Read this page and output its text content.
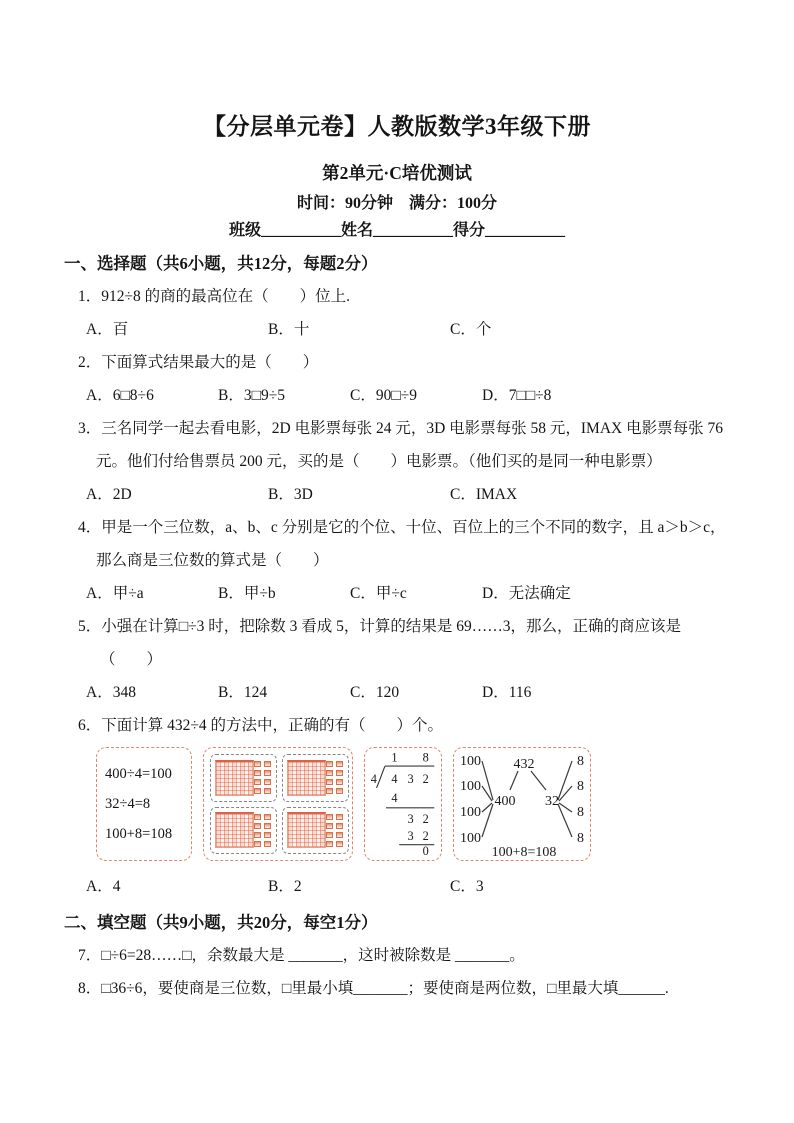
【分层单元卷】人教版数学3年级下册
第2单元·C培优测试
时间：90分钟　满分：100分
班级__________姓名__________得分__________
一、选择题（共6小题，共12分，每题2分）
1．912÷8 的商的最高位在（　　）位上.
A．百	B．十	C．个
2．下面算式结果最大的是（　　）
A．6□8÷6	B．3□9÷5	C．90□÷9	D．7□□÷8
3．三名同学一起去看电影，2D 电影票每张 24 元，3D 电影票每张 58 元，IMAX 电影票每张 76 元。他们付给售票员 200 元，买的是（　　）电影票。（他们买的是同一种电影票）
A．2D	B．3D	C．IMAX
4．甲是一个三位数，a、b、c 分别是它的个位、十位、百位上的三个不同的数字，且 a＞b＞c，那么商是三位数的算式是（　　）
A．甲÷a	B．甲÷b	C．甲÷c	D．无法确定
5．小强在计算□÷3 时，把除数 3 看成 5，计算的结果是 69……3，那么，正确的商应该是
（　　）
A．348	B．124	C．120	D．116
6．下面计算 432÷4 的方法中，正确的有（　　）个。
400÷4=100
32÷4=8
100+8=108
1 8
4 4 3 2
4
3 2
3 2
0
432
400 32
100
100
100
100
8
8
8
8
100+8=108
A．4	B．2	C．3
二、填空题（共9小题，共20分，每空1分）
7．□÷6=28……□，余数最大是 _______，这时被除数是 _______。
8．□36÷6，要使商是三位数，□里最小填_______；要使商是两位数，□里最大填______.
